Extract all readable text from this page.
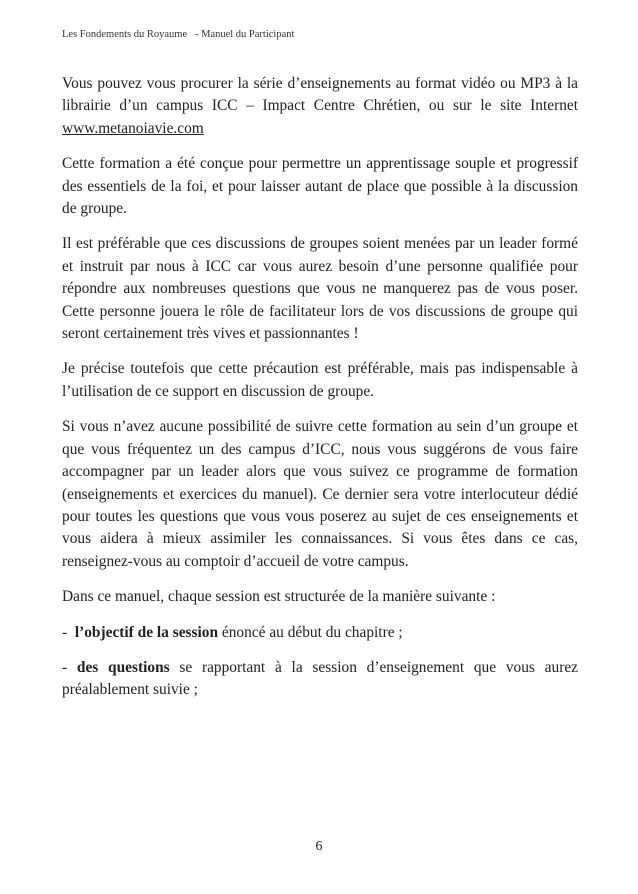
Les Fondements du Royaume   - Manuel du Participant

Vous pouvez vous procurer la série d’enseignements au format vidéo ou MP3 à la librairie d’un campus ICC – Impact Centre Chrétien, ou sur le site Internet www.metanoiavie.com

Cette formation a été conçue pour permettre un apprentissage souple et progressif des essentiels de la foi, et pour laisser autant de place que possible à la discussion de groupe.

Il est préférable que ces discussions de groupes soient menées par un leader formé et instruit par nous à ICC car vous aurez besoin d’une personne qualifiée pour répondre aux nombreuses questions que vous ne manquerez pas de vous poser. Cette personne jouera le rôle de facilitateur lors de vos discussions de groupe qui seront certainement très vives et passionnantes !

Je précise toutefois que cette précaution est préférable, mais pas indispensable à l’utilisation de ce support en discussion de groupe.

Si vous n’avez aucune possibilité de suivre cette formation au sein d’un groupe et que vous fréquentez un des campus d’ICC, nous vous suggérons de vous faire accompagner par un leader alors que vous suivez ce programme de formation (enseignements et exercices du manuel). Ce dernier sera votre interlocuteur dédié pour toutes les questions que vous vous poserez au sujet de ces enseignements et vous aidera à mieux assimiler les connaissances. Si vous êtes dans ce cas, renseignez-vous au comptoir d’accueil de votre campus.

Dans ce manuel, chaque session est structurée de la manière suivante :

-  l’objectif de la session énoncé au début du chapitre ;

- des questions se rapportant à la session d’enseignement que vous aurez préalablement suivie ;

6
